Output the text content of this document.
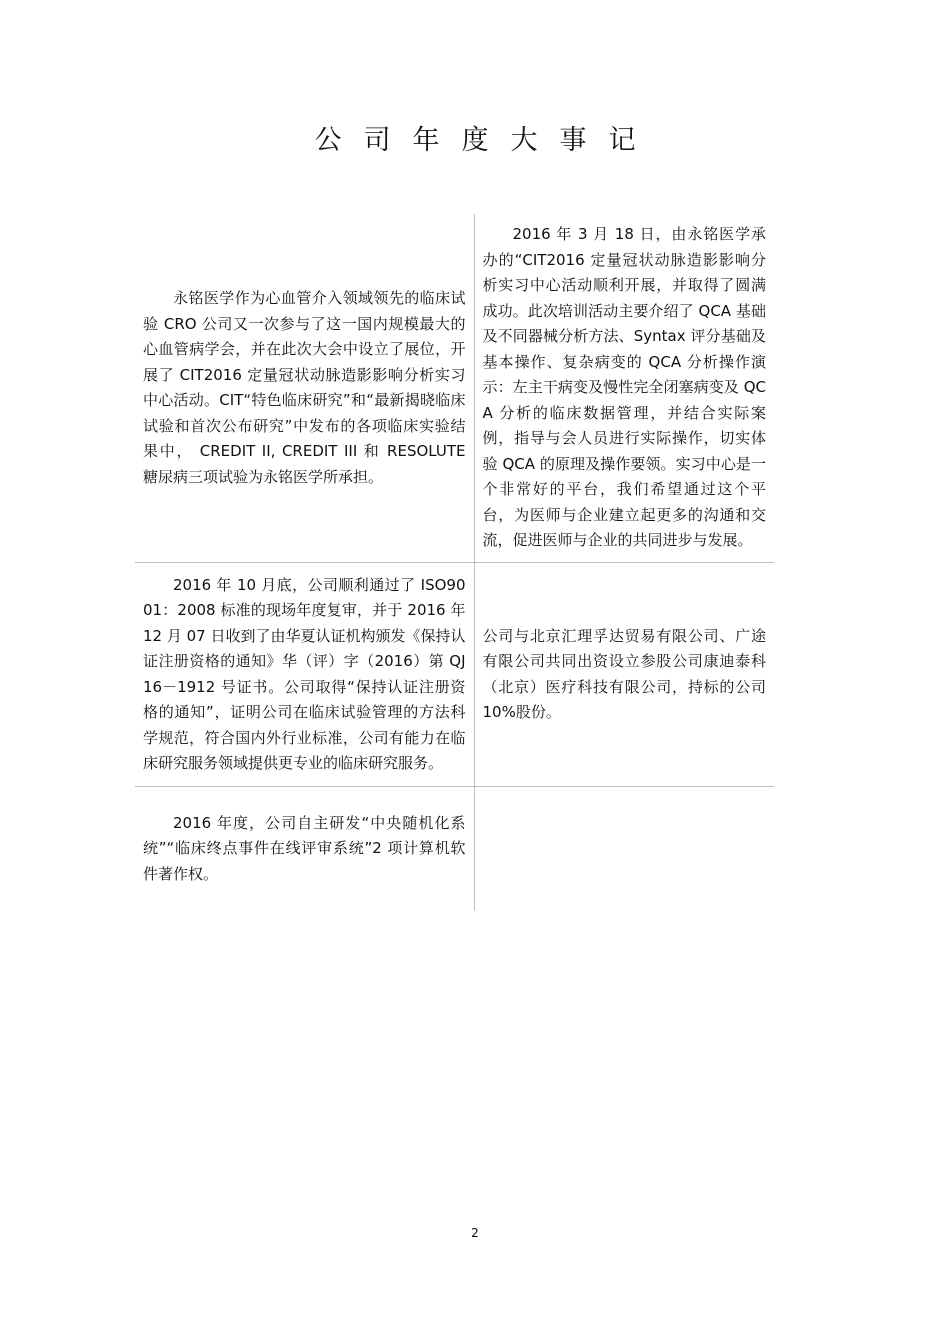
公司年度大事记
永铭医学作为心血管介入领域领先的临床试验 CRO 公司又一次参与了这一国内规模最大的心血管病学会，并在此次大会中设立了展位，开展了 CIT2016 定量冠状动脉造影影响分析实习中心活动。CIT“特色临床研究”和“最新揭晓临床试验和首次公布研究”中发布的各项临床实验结果中， CREDIT II, CREDIT III 和 RESOLUTE 糖尿病三项试验为永铭医学所承担。	2016 年 3 月 18 日，由永铭医学承办的“CIT2016 定量冠状动脉造影影响分析实习中心活动顺利开展，并取得了圆满成功。此次培训活动主要介绍了 QCA 基础及不同器械分析方法、Syntax 评分基础及基本操作、复杂病变的 QCA 分析操作演示：左主干病变及慢性完全闭塞病变及 QCA 分析的临床数据管理，并结合实际案例，指导与会人员进行实际操作，切实体验 QCA 的原理及操作要领。实习中心是一个非常好的平台，我们希望通过这个平台，为医师与企业建立起更多的沟通和交流，促进医师与企业的共同进步与发展。
2016 年 10 月底，公司顺利通过了 ISO9001：2008 标准的现场年度复审，并于 2016 年 12 月 07 日收到了由华夏认证机构颁发《保持认证注册资格的通知》华（评）字（2016）第 QJ16－1912 号证书。公司取得“保持认证注册资格的通知”，证明公司在临床试验管理的方法科学规范，符合国内外行业标准，公司有能力在临床研究服务领域提供更专业的临床研究服务。	公司与北京汇理孚达贸易有限公司、广途有限公司共同出资设立参股公司康迪泰科（北京）医疗科技有限公司，持标的公司 10%股份。
2016 年度，公司自主研发“中央随机化系统”“临床终点事件在线评审系统”2 项计算机软件著作权。	
2
